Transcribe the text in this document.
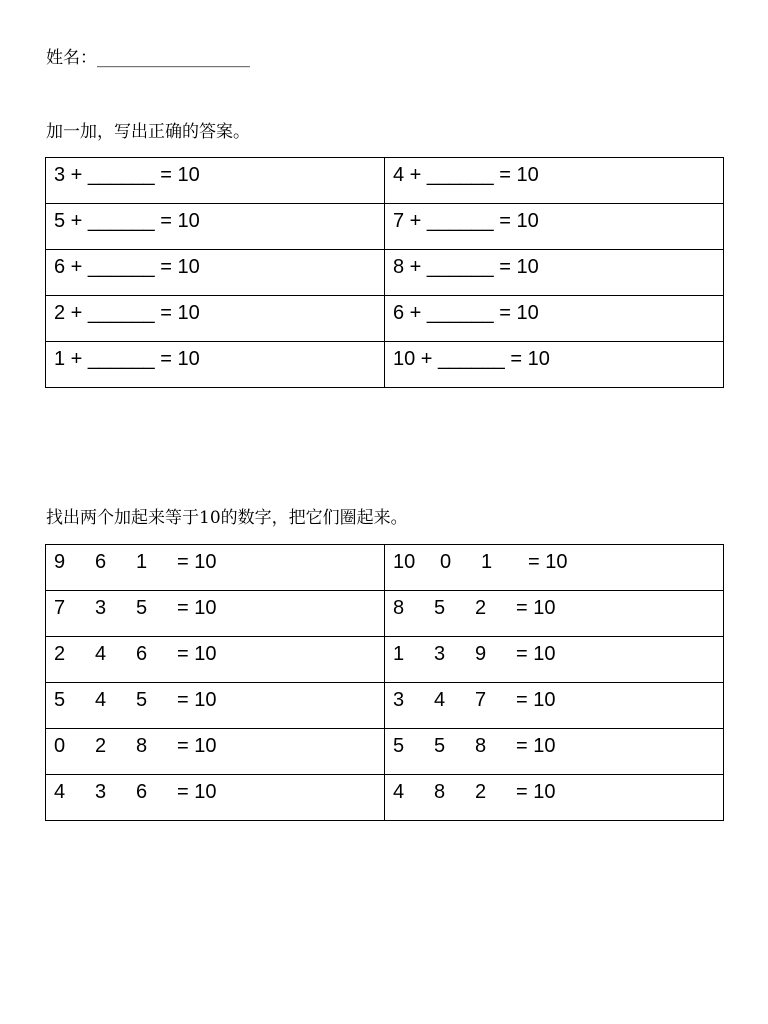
姓名：__________________
加一加，写出正确的答案。
3 + ______ = 10	4 + ______ = 10
5 + ______ = 10	7 + ______ = 10
6 + ______ = 10	8 + ______ = 10
2 + ______ = 10	6 + ______ = 10
1 + ______ = 10	10 + ______ = 10
找出两个加起来等于10的数字，把它们圈起来。
9 6 1 = 10	10 0 1 = 10
7 3 5 = 10	8 5 2 = 10
2 4 6 = 10	1 3 9 = 10
5 4 5 = 10	3 4 7 = 10
0 2 8 = 10	5 5 8 = 10
4 3 6 = 10	4 8 2 = 10
